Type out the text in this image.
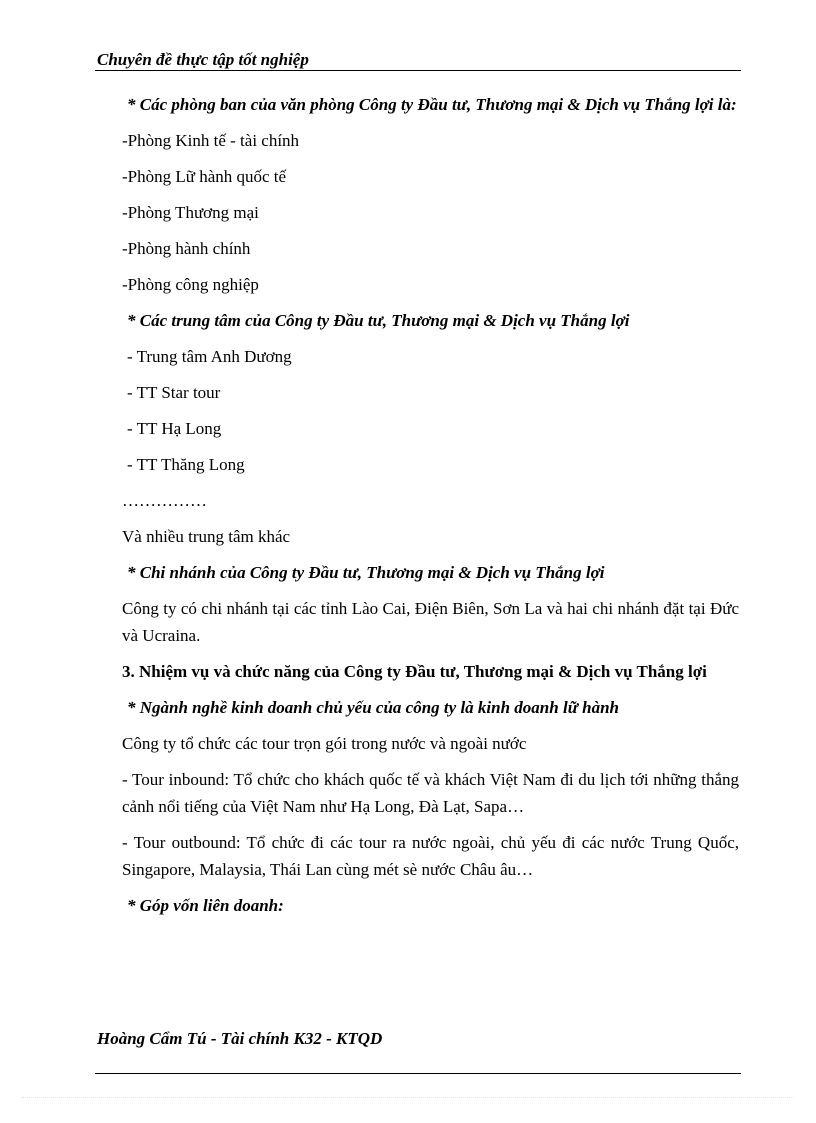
Chuyên đề thực tập tốt nghiệp

* Các phòng ban của văn phòng Công ty Đầu tư, Thương mại & Dịch vụ Thắng lợi là:

-Phòng Kinh tế - tài chính

-Phòng Lữ hành quốc tế

-Phòng Thương mại

-Phòng hành chính

-Phòng công nghiệp

* Các trung tâm của Công ty Đầu tư, Thương mại & Dịch vụ Thắng lợi

- Trung tâm Anh Dương

- TT Star tour

- TT Hạ Long

- TT Thăng Long

……………

Và nhiều trung tâm khác

* Chi nhánh của Công ty Đầu tư, Thương mại & Dịch vụ Thắng lợi

Công ty có chi nhánh tại các tỉnh Lào Cai, Điện Biên, Sơn La và hai chi nhánh đặt tại Đức và Ucraina.

3. Nhiệm vụ và chức năng của Công ty Đầu tư, Thương mại & Dịch vụ Thắng lợi

* Ngành nghề kinh doanh chủ yếu của công ty là kinh doanh lữ hành

Công ty tổ chức các tour trọn gói trong nước và ngoài nước

- Tour inbound: Tổ chức cho khách quốc tế và khách Việt Nam đi du lịch tới những thắng cảnh nổi tiếng của Việt Nam như Hạ Long, Đà Lạt, Sapa…

- Tour outbound: Tổ chức đi các tour ra nước ngoài, chủ yếu đi các nước Trung Quốc, Singapore, Malaysia, Thái Lan cùng mét sè nước Châu âu…

* Góp vốn liên doanh:

Hoàng Cẩm Tú - Tài chính K32 - KTQD
